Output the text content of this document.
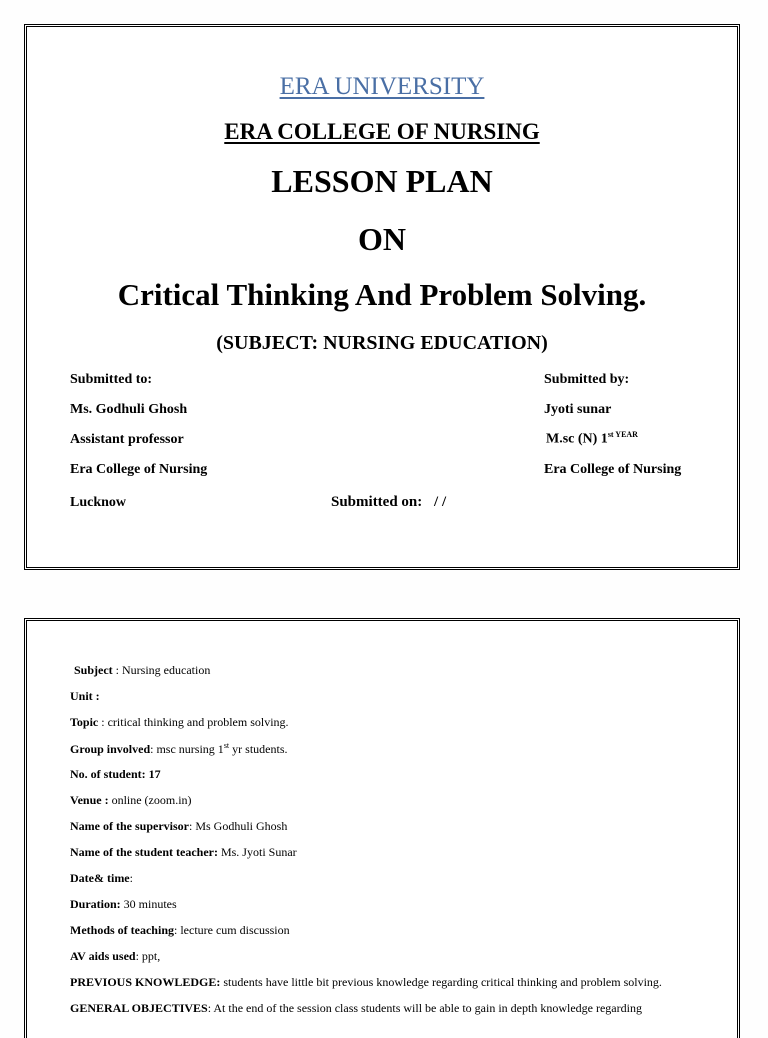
ERA UNIVERSITY
ERA COLLEGE OF NURSING
LESSON PLAN
ON
Critical Thinking And Problem Solving.
(SUBJECT: NURSING EDUCATION)
Submitted to:
Ms. Godhuli Ghosh
Assistant professor
Era College of Nursing
Lucknow	Submitted on: / /
Submitted by:
Jyoti sunar
M.sc (N) $1^{st YEAR}$
Era College of Nursing
Subject : Nursing education
Unit :
Topic : critical thinking and problem solving.
Group involved: msc nursing 1st yr students.
No. of student: 17
Venue : online (zoom.in)
Name of the supervisor: Ms Godhuli Ghosh
Name of the student teacher: Ms. Jyoti Sunar
Date& time:
Duration: 30 minutes
Methods of teaching: lecture cum discussion
AV aids used: ppt,
PREVIOUS KNOWLEDGE: students have little bit previous knowledge regarding critical thinking and problem solving.
GENERAL OBJECTIVES: At the end of the session class students will be able to gain in depth knowledge regarding
